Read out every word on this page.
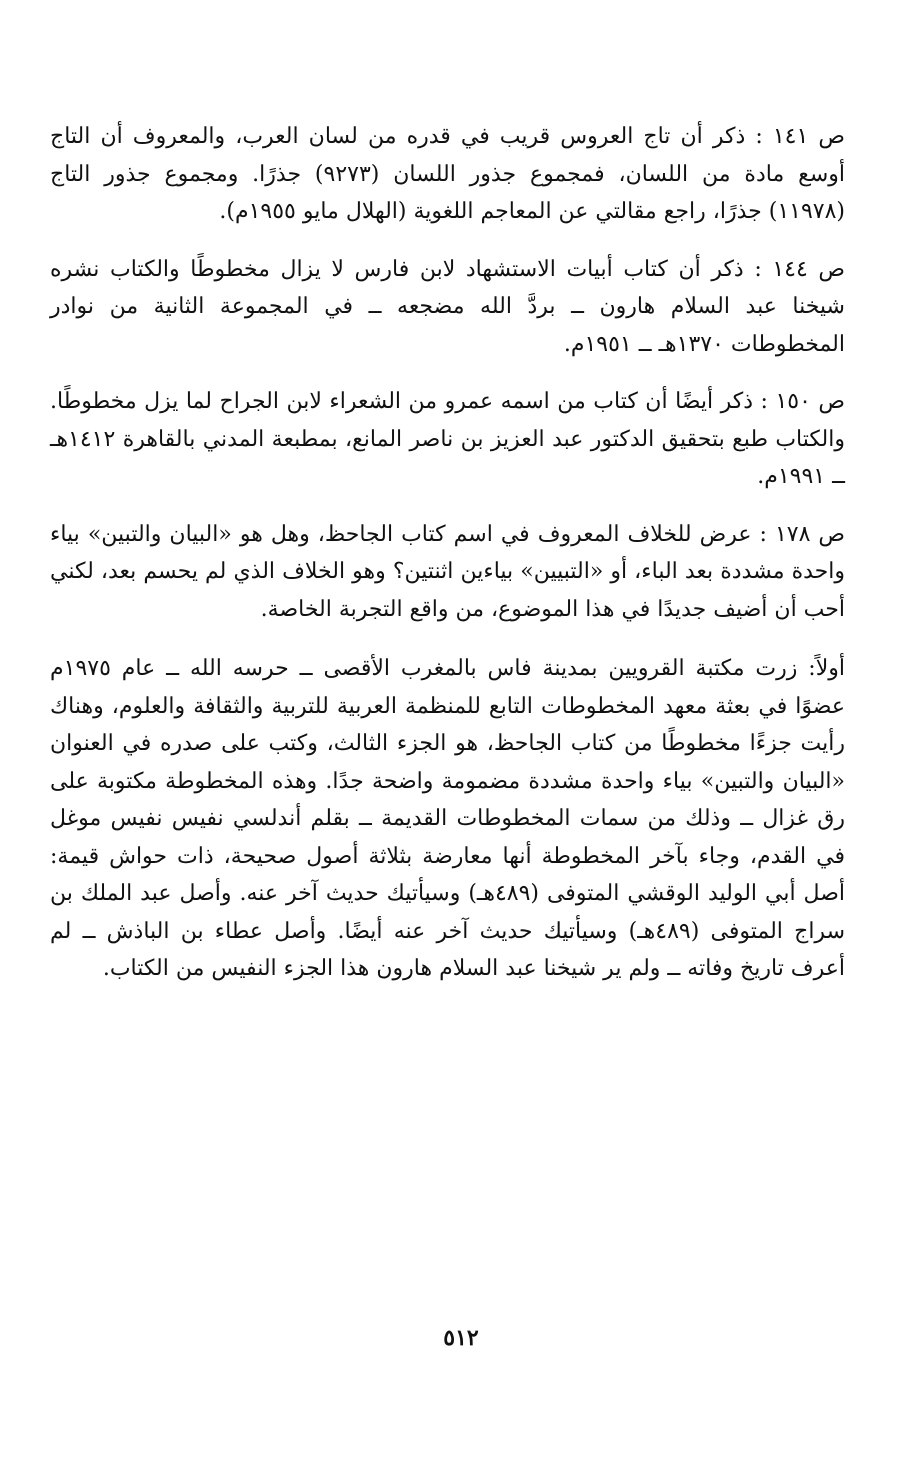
ص ١٤١ : ذكر أن تاج العروس قريب في قدره من لسان العرب، والمعروف أن التاج أوسع مادة من اللسان، فمجموع جذور اللسان (٩٢٧٣) جذرًا. ومجموع جذور التاج (١١٩٧٨) جذرًا، راجع مقالتي عن المعاجم اللغوية (الهلال مايو ١٩٥٥م).

ص ١٤٤ : ذكر أن كتاب أبيات الاستشهاد لابن فارس لا يزال مخطوطًا والكتاب نشره شيخنا عبد السلام هارون ــ بردَّ الله مضجعه ــ في المجموعة الثانية من نوادر المخطوطات ١٣٧٠هـ ــ ١٩٥١م.

ص ١٥٠ : ذكر أيضًا أن كتاب من اسمه عمرو من الشعراء لابن الجراح لما يزل مخطوطًا. والكتاب طبع بتحقيق الدكتور عبد العزيز بن ناصر المانع، بمطبعة المدني بالقاهرة ١٤١٢هـ ــ ١٩٩١م.

ص ١٧٨ : عرض للخلاف المعروف في اسم كتاب الجاحظ، وهل هو «البيان والتبين» بياء واحدة مشددة بعد الباء، أو «التبيين» بياءين اثنتين؟ وهو الخلاف الذي لم يحسم بعد، لكني أحب أن أضيف جديدًا في هذا الموضوع، من واقع التجربة الخاصة.

أولاً: زرت مكتبة القرويين بمدينة فاس بالمغرب الأقصى ــ حرسه الله ــ عام ١٩٧٥م عضوًا في بعثة معهد المخطوطات التابع للمنظمة العربية للتربية والثقافة والعلوم، وهناك رأيت جزءًا مخطوطًا من كتاب الجاحظ، هو الجزء الثالث، وكتب على صدره في العنوان «البيان والتبين» بياء واحدة مشددة مضمومة واضحة جدًا. وهذه المخطوطة مكتوبة على رق غزال ــ وذلك من سمات المخطوطات القديمة ــ بقلم أندلسي نفيس نفيس موغل في القدم، وجاء بآخر المخطوطة أنها معارضة بثلاثة أصول صحيحة، ذات حواش قيمة: أصل أبي الوليد الوقشي المتوفى (٤٨٩هـ) وسيأتيك حديث آخر عنه. وأصل عبد الملك بن سراج المتوفى (٤٨٩هـ) وسيأتيك حديث آخر عنه أيضًا. وأصل عطاء بن الباذش ــ لم أعرف تاريخ وفاته ــ ولم ير شيخنا عبد السلام هارون هذا الجزء النفيس من الكتاب.

٥١٢
